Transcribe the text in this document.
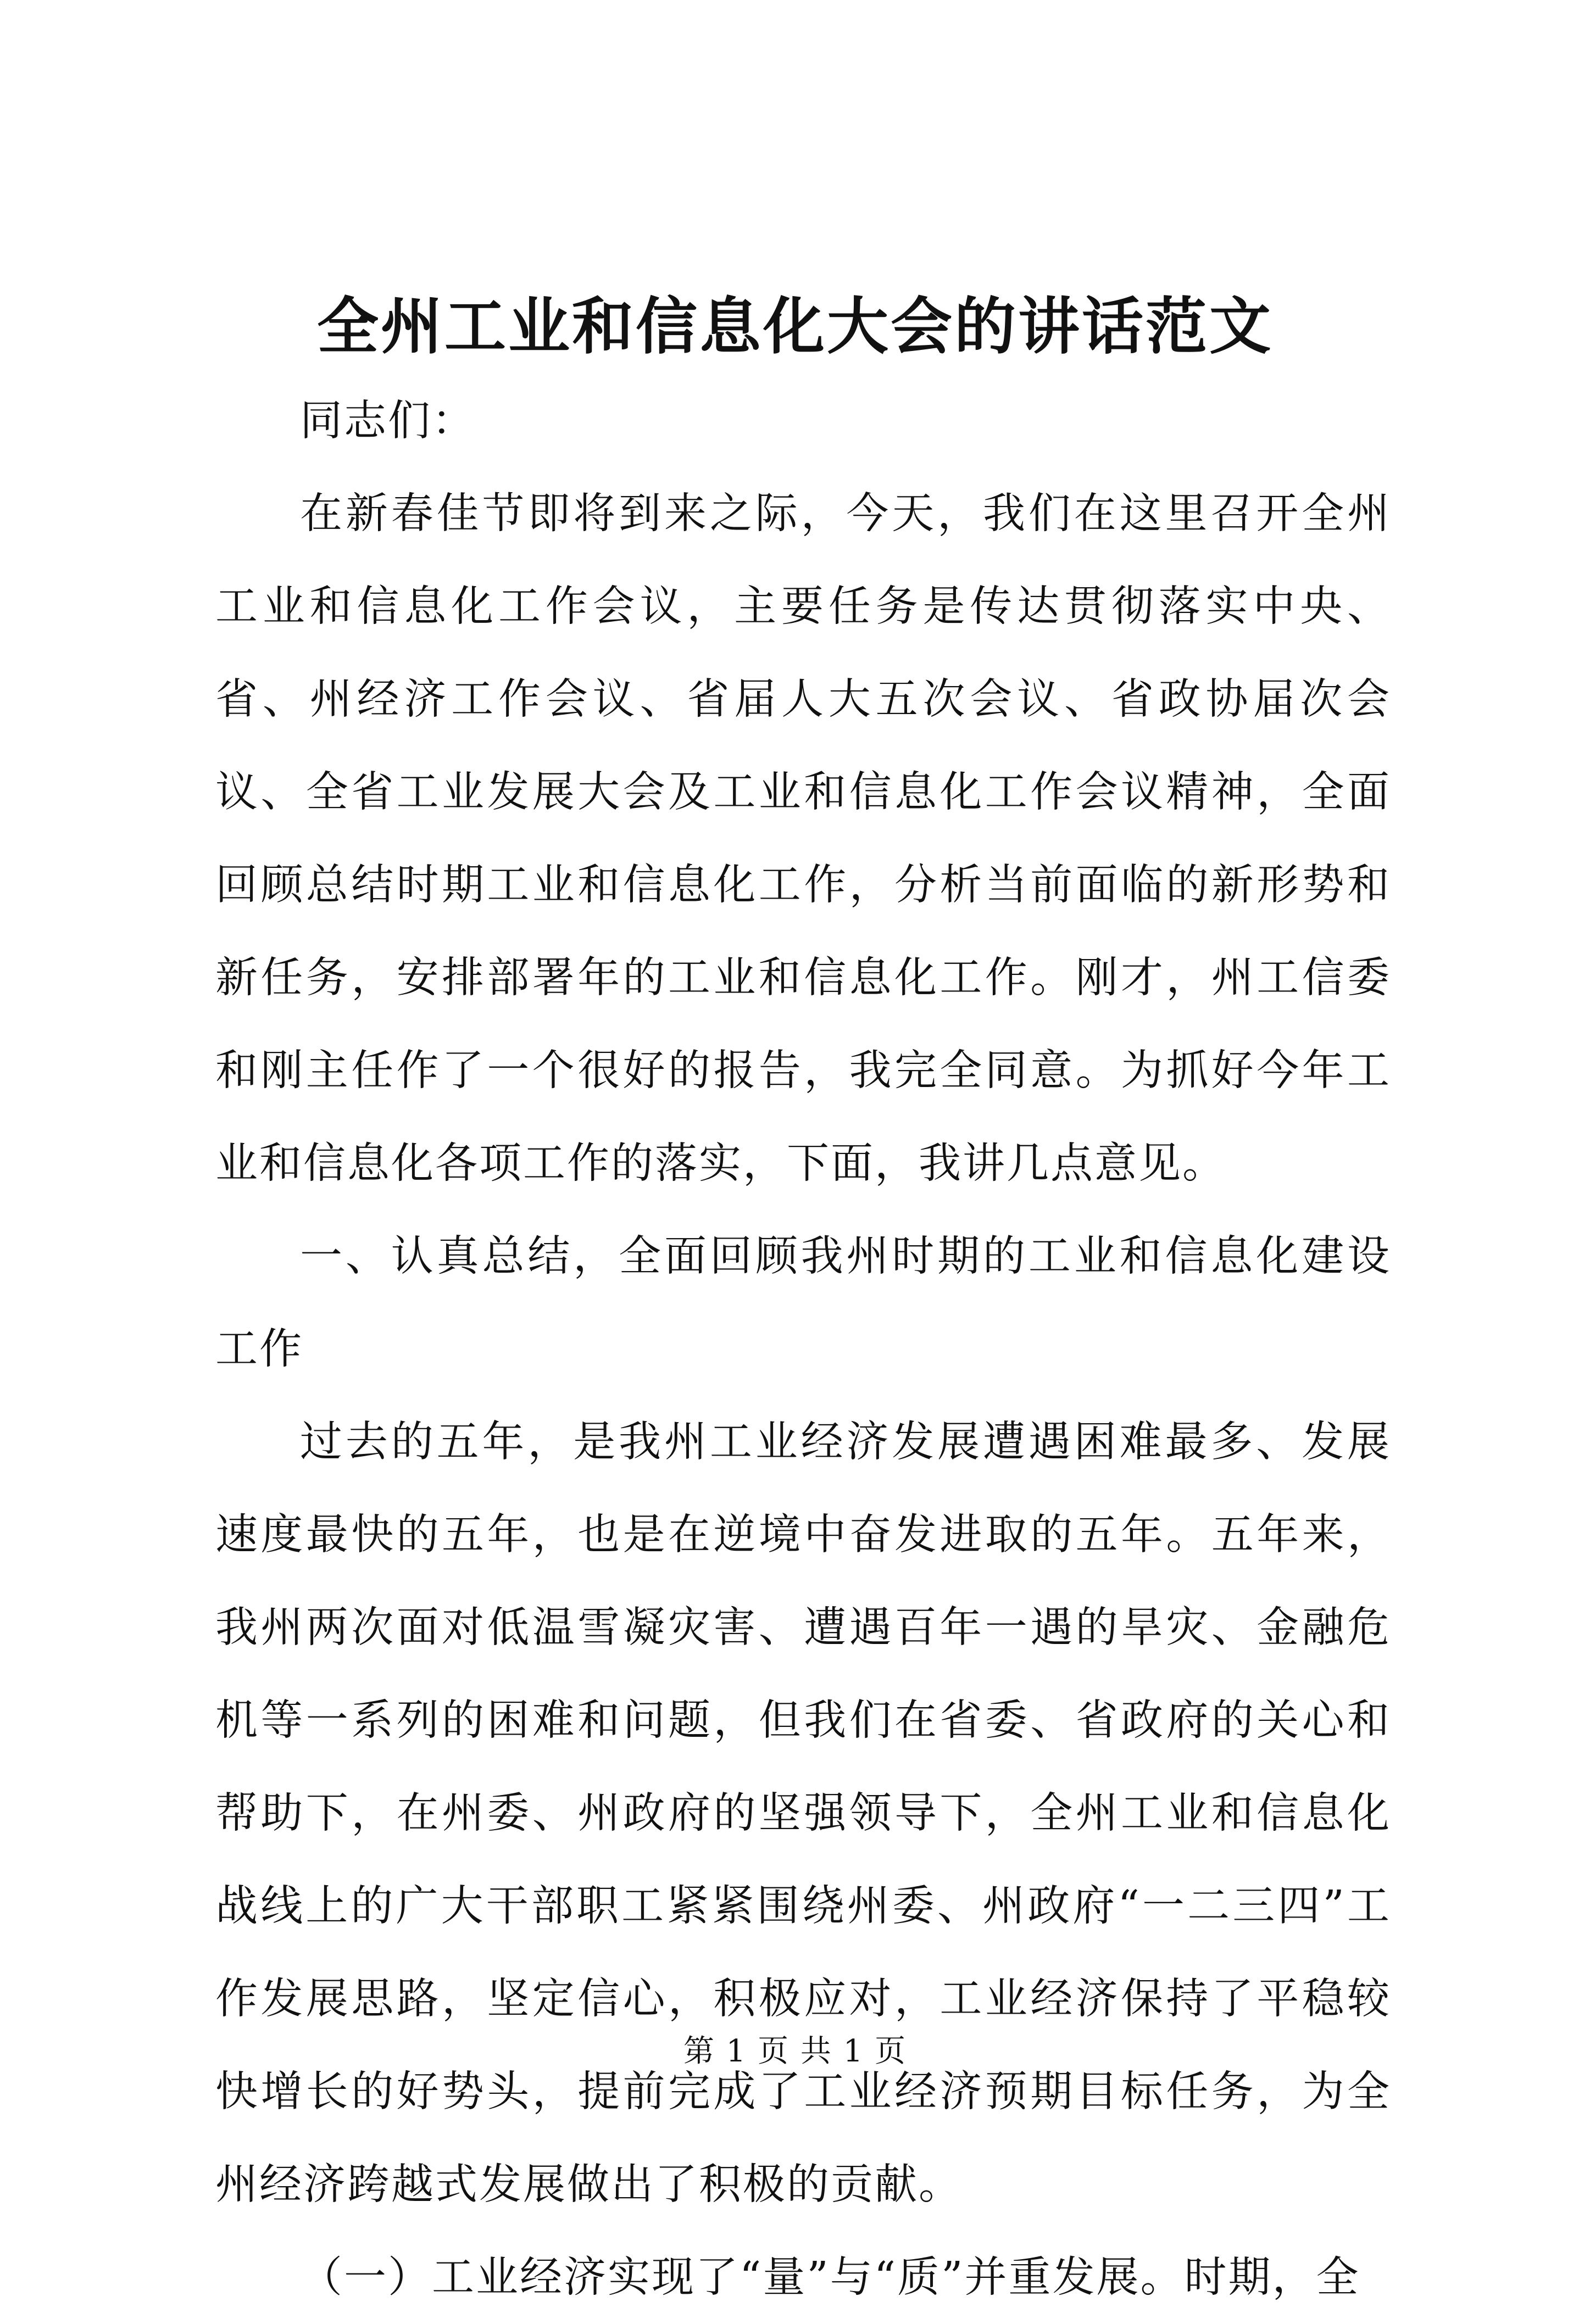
全州工业和信息化大会的讲话范文

同志们：

在新春佳节即将到来之际，今天，我们在这里召开全州工业和信息化工作会议，主要任务是传达贯彻落实中央、省、州经济工作会议、省届人大五次会议、省政协届次会议、全省工业发展大会及工业和信息化工作会议精神，全面回顾总结时期工业和信息化工作，分析当前面临的新形势和新任务，安排部署年的工业和信息化工作。刚才，州工信委和刚主任作了一个很好的报告，我完全同意。为抓好今年工业和信息化各项工作的落实，下面，我讲几点意见。

一、认真总结，全面回顾我州时期的工业和信息化建设工作

过去的五年，是我州工业经济发展遭遇困难最多、发展速度最快的五年，也是在逆境中奋发进取的五年。五年来，我州两次面对低温雪凝灾害、遭遇百年一遇的旱灾、金融危机等一系列的困难和问题，但我们在省委、省政府的关心和帮助下，在州委、州政府的坚强领导下，全州工业和信息化战线上的广大干部职工紧紧围绕州委、州政府“一二三四”工作发展思路，坚定信心，积极应对，工业经济保持了平稳较快增长的好势头，提前完成了工业经济预期目标任务，为全州经济跨越式发展做出了积极的贡献。

（一）工业经济实现了“量”与“质”并重发展。时期，全

第 1 页 共 1 页
